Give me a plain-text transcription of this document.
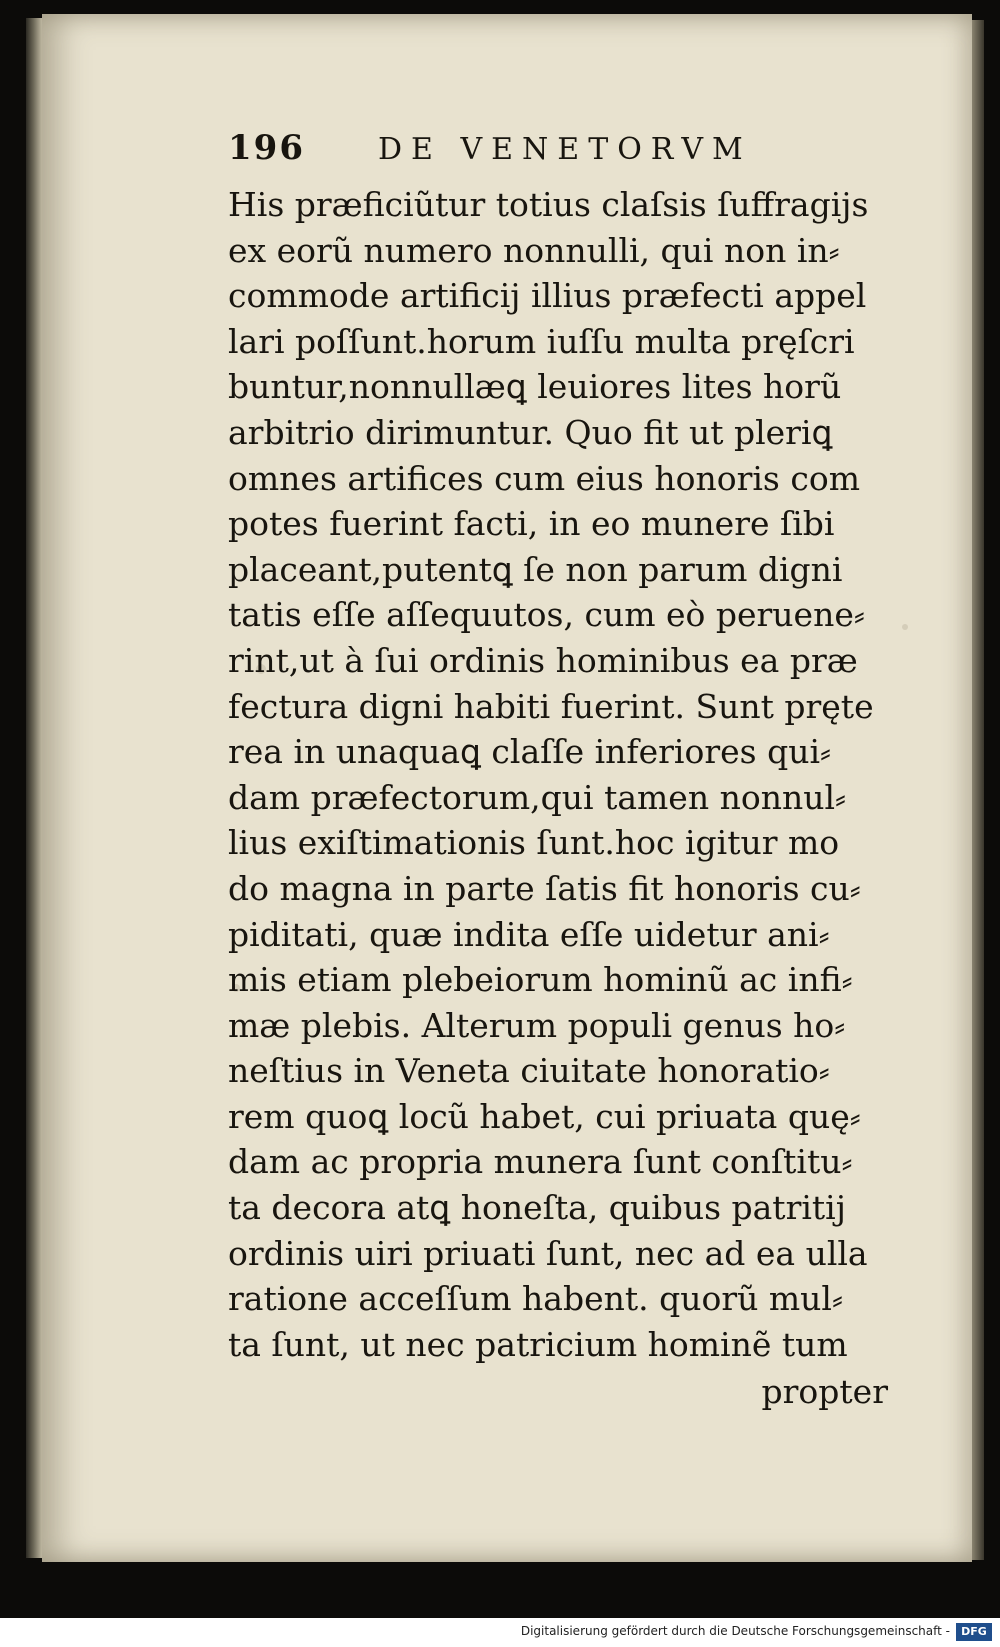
196	DE VENETORVM
His præficiũtur totius claſsis ſuffragijs
ex eorũ numero nonnulli, qui non in⸗
commode artificij illius præfecti appel
lari poſſunt.horum iuſſu multa pręſcri
buntur,nonnullæꝗ leuiores lites horũ
arbitrio dirimuntur. Quo fit ut pleriꝗ
omnes artifices cum eius honoris com
potes fuerint facti, in eo munere ſibi
placeant,putentꝗ ſe non parum digni
tatis eſſe aſſequutos, cum eò peruene⸗
rint,ut à ſui ordinis hominibus ea præ
fectura digni habiti fuerint. Sunt pręte
rea in unaquaꝗ claſſe inferiores qui⸗
dam præfectorum,qui tamen nonnul⸗
lius exiſtimationis ſunt.hoc igitur mo
do magna in parte ſatis fit honoris cu⸗
piditati, quæ indita eſſe uidetur ani⸗
mis etiam plebeiorum hominũ ac infi⸗
mæ plebis. Alterum populi genus ho⸗
neſtius in Veneta ciuitate honoratio⸗
rem quoꝗ locũ habet, cui priuata quę⸗
dam ac propria munera ſunt conſtitu⸗
ta decora atꝗ honeſta, quibus patritij
ordinis uiri priuati ſunt, nec ad ea ulla
ratione acceſſum habent. quorũ mul⸗
ta ſunt, ut nec patricium hominẽ tum
propter
Digitalisierung gefördert durch die Deutsche Forschungsgemeinschaft -	DFG
